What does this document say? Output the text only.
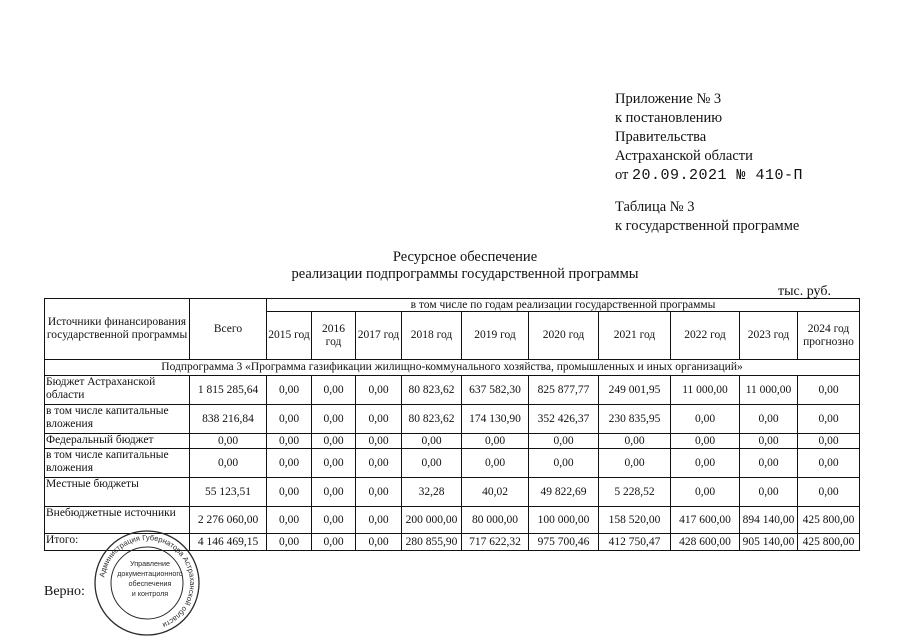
Приложение № 3
к постановлению
Правительства
Астраханской области
от 20.09.2021 № 410-П
Таблица № 3
к государственной программе
Ресурсное обеспечение
реализации подпрограммы государственной программы
тыс. руб.
Источники финансирования государственной программы	Всего	в том числе по годам реализации государственной программы									
		2015 год	2016 год	2017 год	2018 год	2019 год	2020 год	2021 год	2022 год	2023 год	2024 год прогнозно
Подпрограмма 3 «Программа газификации жилищно-коммунального хозяйства, промышленных и иных организаций»											
Бюджет Астраханской области	1 815 285,64	0,00	0,00	0,00	80 823,62	637 582,30	825 877,77	249 001,95	11 000,00	11 000,00	0,00
в том числе капитальные вложения	838 216,84	0,00	0,00	0,00	80 823,62	174 130,90	352 426,37	230 835,95	0,00	0,00	0,00
Федеральный бюджет	0,00	0,00	0,00	0,00	0,00	0,00	0,00	0,00	0,00	0,00	0,00
в том числе капитальные вложения	0,00	0,00	0,00	0,00	0,00	0,00	0,00	0,00	0,00	0,00	0,00
Местные бюджеты	55 123,51	0,00	0,00	0,00	32,28	40,02	49 822,69	5 228,52	0,00	0,00	0,00
Внебюджетные источники	2 276 060,00	0,00	0,00	0,00	200 000,00	80 000,00	100 000,00	158 520,00	417 600,00	894 140,00	425 800,00
Итого:	4 146 469,15	0,00	0,00	0,00	280 855,90	717 622,32	975 700,46	412 750,47	428 600,00	905 140,00	425 800,00
Верно:
Администрация Губернатора Астраханской области
Управление
документационного
обеспечения
и контроля
